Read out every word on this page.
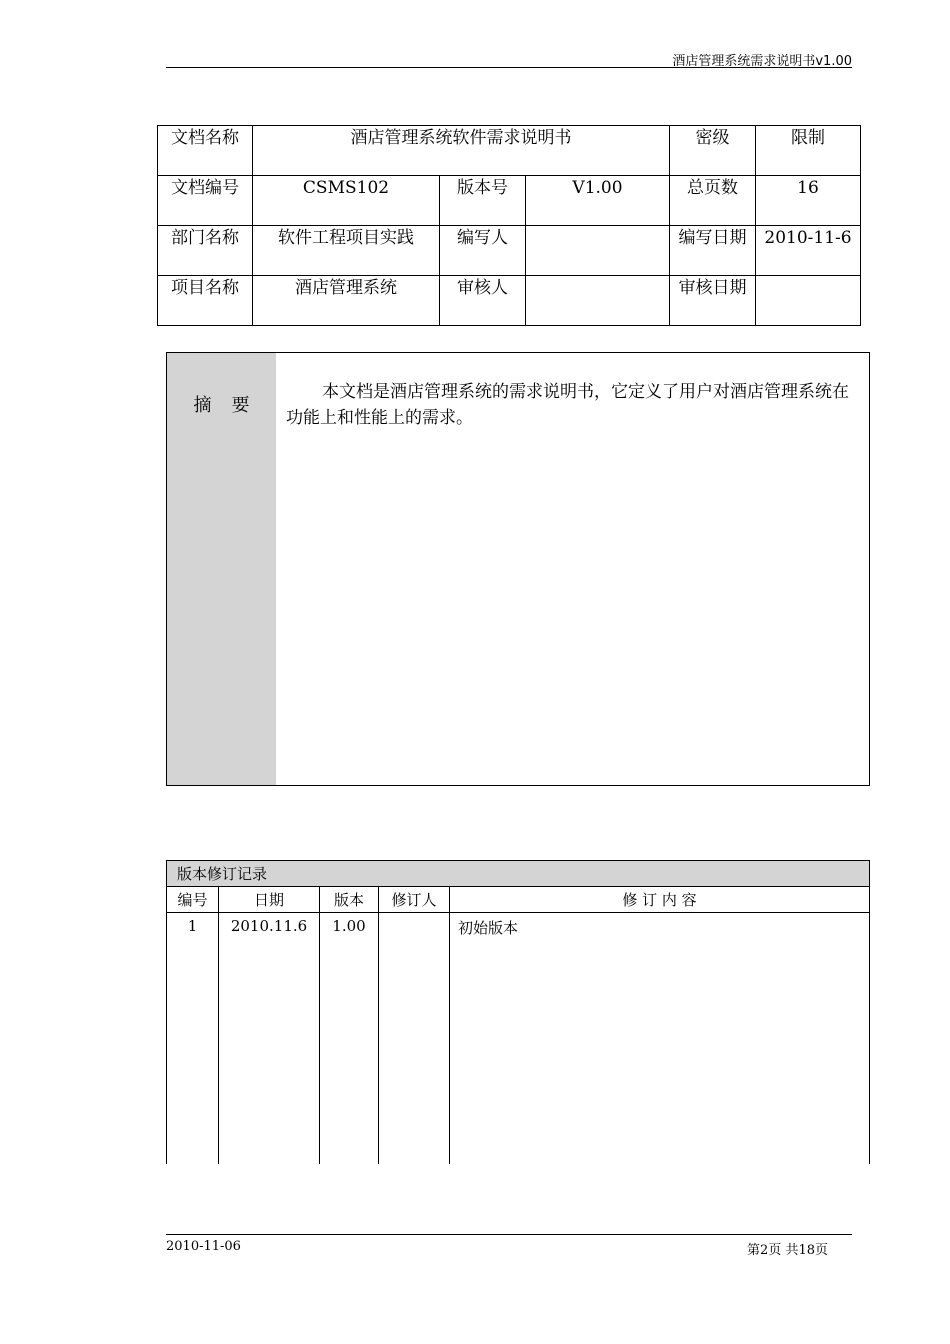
酒店管理系统需求说明书v1.00
文档名称	酒店管理系统软件需求说明书			密级	限制
文档编号	CSMS102	版本号	V1.00	总页数	16
部门名称	软件工程项目实践	编写人		编写日期	2010-11-6
项目名称	酒店管理系统	审核人		审核日期	
摘要
本文档是酒店管理系统的需求说明书，它定义了用户对酒店管理系统在功能上和性能上的需求。
版本修订记录				
编号	日期	版本	修订人	修 订 内 容
1	2010.11.6	1.00		初始版本
2010-11-06	第2页 共18页
